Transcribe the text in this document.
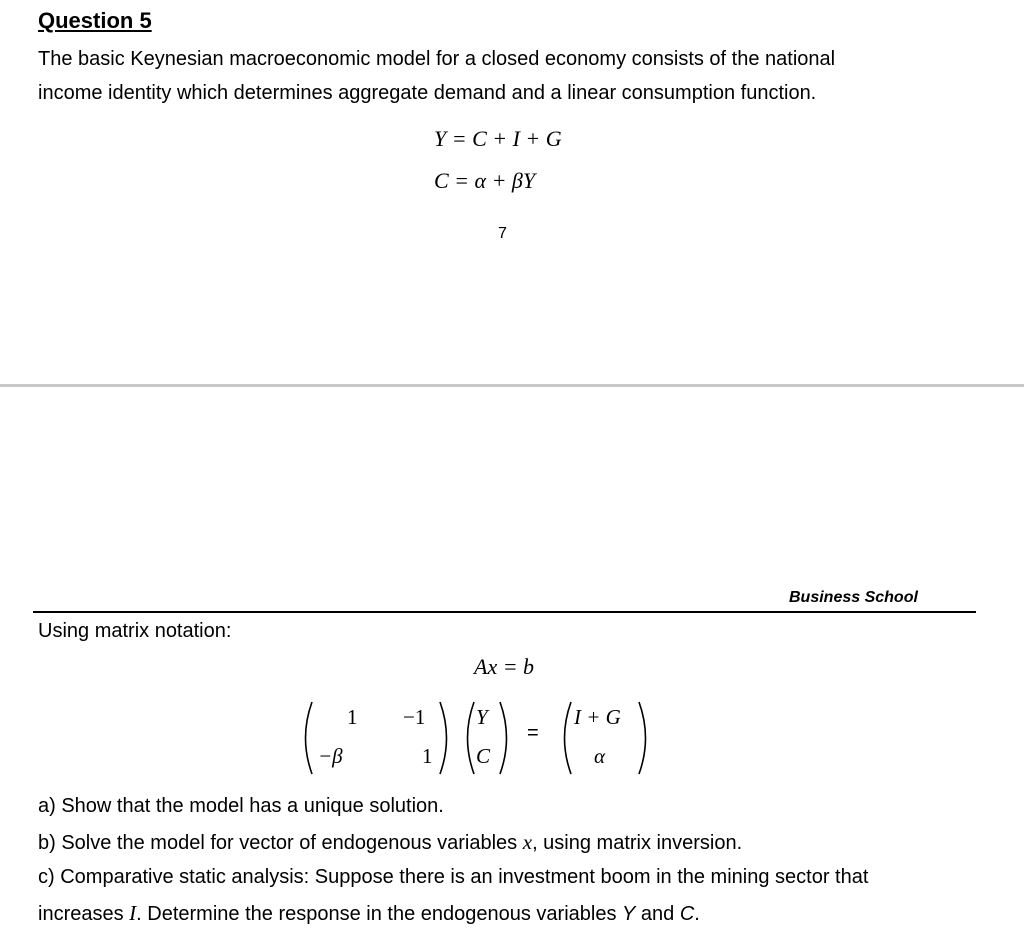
Question 5
The basic Keynesian macroeconomic model for a closed economy consists of the national
income identity which determines aggregate demand and a linear consumption function.
Y = C + I + G
C = α + βY
7
Business School
Using matrix notation:
Ax = b
1 −1
−β	1
Y
C
=
I + G
α
a) Show that the model has a unique solution.
b) Solve the model for vector of endogenous variables x, using matrix inversion.
c) Comparative static analysis: Suppose there is an investment boom in the mining sector that
increases I. Determine the response in the endogenous variables Y and C.
